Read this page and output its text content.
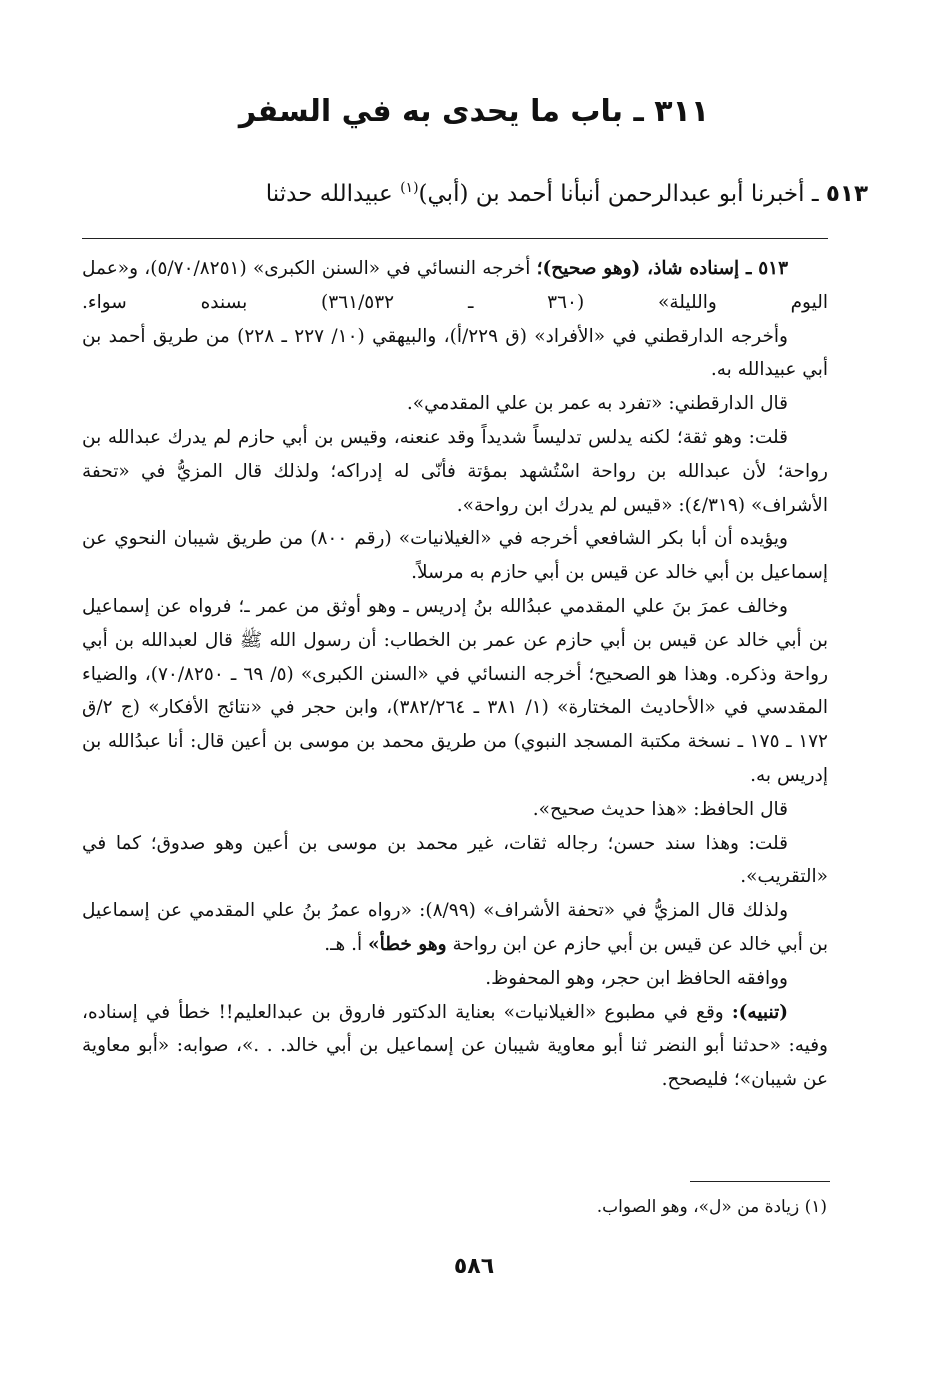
٣١١ ـ باب ما يحدى به في السفر
٥١٣ ـ أخبرنا أبو عبدالرحمن أنبأنا أحمد بن (أبي)$^{(١)}$ عبيدالله حدثنا

٥١٣ ـ إسناده شاذ، (وهو صحيح)؛ أخرجه النسائي في «السنن الكبرى» (٥/٧٠/٨٢٥١)، و«عمل اليوم والليلة» (٣٦٠ ـ ٣٦١/٥٣٢) بسنده سواء.

وأخرجه الدارقطني في «الأفراد» (ق ٢٢٩/أ)، والبيهقي (١٠/ ٢٢٧ ـ ٢٢٨) من طريق أحمد بن أبي عبيدالله به.

قال الدارقطني: «تفرد به عمر بن علي المقدمي».

قلت: وهو ثقة؛ لكنه يدلس تدليساً شديداً وقد عنعنه، وقيس بن أبي حازم لم يدرك عبدالله بن رواحة؛ لأن عبدالله بن رواحة اسْتُشهد بمؤتة فأنّى له إدراكه؛ ولذلك قال المزيُّ في «تحفة الأشراف» (٤/٣١٩): «قيس لم يدرك ابن رواحة».

ويؤيده أن أبا بكر الشافعي أخرجه في «الغيلانيات» (رقم ٨٠٠) من طريق شيبان النحوي عن إسماعيل بن أبي خالد عن قيس بن أبي حازم به مرسلاً.

وخالف عمرَ بنَ علي المقدمي عبدُالله بنُ إدريس ـ وهو أوثق من عمر ـ؛ فرواه عن إسماعيل بن أبي خالد عن قيس بن أبي حازم عن عمر بن الخطاب: أن رسول الله ﷺ قال لعبدالله بن أبي رواحة وذكره. وهذا هو الصحيح؛ أخرجه النسائي في «السنن الكبرى» (٥/ ٦٩ ـ ٧٠/٨٢٥٠)، والضياء المقدسي في «الأحاديث المختارة» (١/ ٣٨١ ـ ٣٨٢/٢٦٤)، وابن حجر في «نتائج الأفكار» (ج ٢/ق ١٧٢ ـ ١٧٥ ـ نسخة مكتبة المسجد النبوي) من طريق محمد بن موسى بن أعين قال: أنا عبدُالله بن إدريس به.

قال الحافظ: «هذا حديث صحيح».

قلت: وهذا سند حسن؛ رجاله ثقات، غير محمد بن موسى بن أعين وهو صدوق؛ كما في «التقريب».

ولذلك قال المزيُّ في «تحفة الأشراف» (٨/٩٩): «رواه عمرُ بنُ علي المقدمي عن إسماعيل بن أبي خالد عن قيس بن أبي حازم عن ابن رواحة وهو خطأ» أ. هـ.

ووافقه الحافظ ابن حجر، وهو المحفوظ.

(تنبيه): وقع في مطبوع «الغيلانيات» بعناية الدكتور فاروق بن عبدالعليم!! خطأ في إسناده، وفيه: «حدثنا أبو النضر ثنا أبو معاوية شيبان عن إسماعيل بن أبي خالد. . .»، صوابه: «أبو معاوية عن شيبان»؛ فليصحح.

(١) زيادة من «ل»، وهو الصواب.
٥٨٦
